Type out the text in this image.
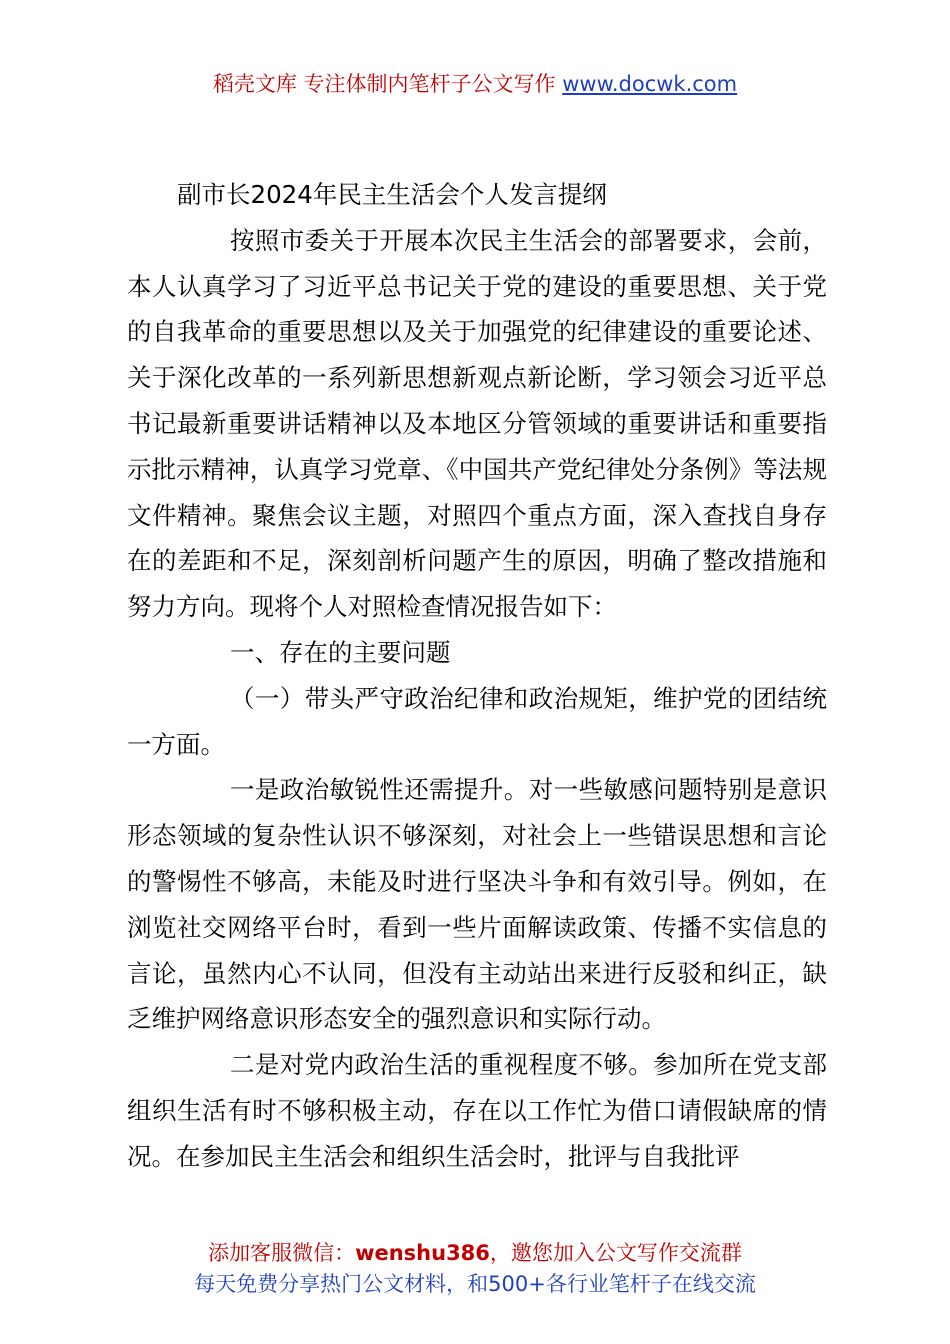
稻壳文库 专注体制内笔杆子公文写作 www.docwk.com

副市长2024年民主生活会个人发言提纲

按照市委关于开展本次民主生活会的部署要求，会前，本人认真学习了习近平总书记关于党的建设的重要思想、关于党的自我革命的重要思想以及关于加强党的纪律建设的重要论述、关于深化改革的一系列新思想新观点新论断，学习领会习近平总书记最新重要讲话精神以及本地区分管领域的重要讲话和重要指示批示精神，认真学习党章、《中国共产党纪律处分条例》等法规文件精神。聚焦会议主题，对照四个重点方面，深入查找自身存在的差距和不足，深刻剖析问题产生的原因，明确了整改措施和努力方向。现将个人对照检查情况报告如下：

一、存在的主要问题

（一）带头严守政治纪律和政治规矩，维护党的团结统一方面。

一是政治敏锐性还需提升。对一些敏感问题特别是意识形态领域的复杂性认识不够深刻，对社会上一些错误思想和言论的警惕性不够高，未能及时进行坚决斗争和有效引导。例如，在浏览社交网络平台时，看到一些片面解读政策、传播不实信息的言论，虽然内心不认同，但没有主动站出来进行反驳和纠正，缺乏维护网络意识形态安全的强烈意识和实际行动。

二是对党内政治生活的重视程度不够。参加所在党支部组织生活有时不够积极主动，存在以工作忙为借口请假缺席的情况。在参加民主生活会和组织生活会时，批评与自我批评

添加客服微信：wenshu386，邀您加入公文写作交流群
每天免费分享热门公文材料，和500+各行业笔杆子在线交流
